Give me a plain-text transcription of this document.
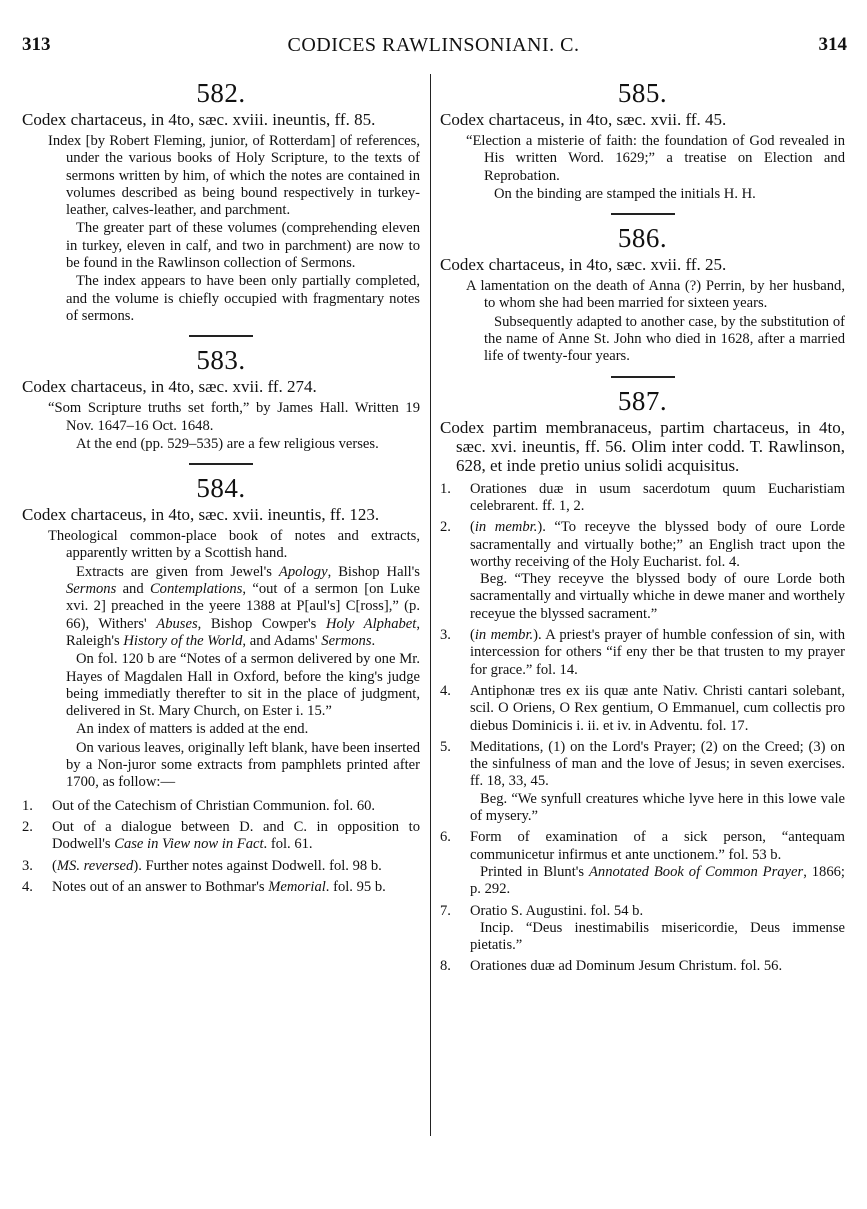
313	CODICES RAWLINSONIANI. C.	314

582.

Codex chartaceus, in 4to, sæc. xviii. ineuntis, ff. 85.

Index [by Robert Fleming, junior, of Rotterdam] of references, under the various books of Holy Scripture, to the texts of sermons written by him, of which the notes are contained in volumes described as being bound respectively in turkey-leather, calves-leather, and parchment.

The greater part of these volumes (comprehending eleven in turkey, eleven in calf, and two in parchment) are now to be found in the Rawlinson collection of Sermons.

The index appears to have been only partially completed, and the volume is chiefly occupied with fragmentary notes of sermons.

583.

Codex chartaceus, in 4to, sæc. xvii. ff. 274.

“Som Scripture truths set forth,” by James Hall. Written 19 Nov. 1647–16 Oct. 1648.

At the end (pp. 529–535) are a few religious verses.

584.

Codex chartaceus, in 4to, sæc. xvii. ineuntis, ff. 123.

Theological common-place book of notes and extracts, apparently written by a Scottish hand.

Extracts are given from Jewel's Apology, Bishop Hall's Sermons and Contemplations, “out of a sermon [on Luke xvi. 2] preached in the yeere 1388 at P[aul's] C[ross],” (p. 66), Withers' Abuses, Bishop Cowper's Holy Alphabet, Raleigh's History of the World, and Adams' Sermons.

On fol. 120 b are “Notes of a sermon delivered by one Mr. Hayes of Magdalen Hall in Oxford, before the king's judge being immediatly therefter to sit in the place of judgment, delivered in St. Mary Church, on Ester i. 15.”

An index of matters is added at the end.

On various leaves, originally left blank, have been inserted by a Non-juror some extracts from pamphlets printed after 1700, as follow:—

1.	Out of the Catechism of Christian Communion. fol. 60.
2.	Out of a dialogue between D. and C. in opposition to Dodwell's Case in View now in Fact. fol. 61.
3.	(MS. reversed). Further notes against Dodwell. fol. 98 b.
4.	Notes out of an answer to Bothmar's Memorial. fol. 95 b.

585.

Codex chartaceus, in 4to, sæc. xvii. ff. 45.

“Election a misterie of faith: the foundation of God revealed in His written Word. 1629;” a treatise on Election and Reprobation.

On the binding are stamped the initials H. H.

586.

Codex chartaceus, in 4to, sæc. xvii. ff. 25.

A lamentation on the death of Anna (?) Perrin, by her husband, to whom she had been married for sixteen years.

Subsequently adapted to another case, by the substitution of the name of Anne St. John who died in 1628, after a married life of twenty-four years.

587.

Codex partim membranaceus, partim chartaceus, in 4to, sæc. xvi. ineuntis, ff. 56. Olim inter codd. T. Rawlinson, 628, et inde pretio unius solidi acquisitus.

1.	Orationes duæ in usum sacerdotum quum Eucharistiam celebrarent. ff. 1, 2.
2.	(in membr.). “To receyve the blyssed body of oure Lorde sacramentally and virtually bothe;” an English tract upon the worthy receiving of the Holy Eucharist. fol. 4.
Beg. “They receyve the blyssed body of oure Lorde both sacramentally and virtually whiche in dewe maner and worthely receyue the blyssed sacrament.”
3.	(in membr.). A priest's prayer of humble confession of sin, with intercession for others “if eny ther be that trusten to my prayer for grace.” fol. 14.
4.	Antiphonæ tres ex iis quæ ante Nativ. Christi cantari solebant, scil. O Oriens, O Rex gentium, O Emmanuel, cum collectis pro diebus Dominicis i. ii. et iv. in Adventu. fol. 17.
5.	Meditations, (1) on the Lord's Prayer; (2) on the Creed; (3) on the sinfulness of man and the love of Jesus; in seven exercises. ff. 18, 33, 45.
Beg. “We synfull creatures whiche lyve here in this lowe vale of mysery.”
6.	Form of examination of a sick person, “antequam communicetur infirmus et ante unctionem.” fol. 53 b.
Printed in Blunt's Annotated Book of Common Prayer, 1866; p. 292.
7.	Oratio S. Augustini. fol. 54 b.
Incip. “Deus inestimabilis misericordie, Deus immense pietatis.”
8.	Orationes duæ ad Dominum Jesum Christum. fol. 56.
